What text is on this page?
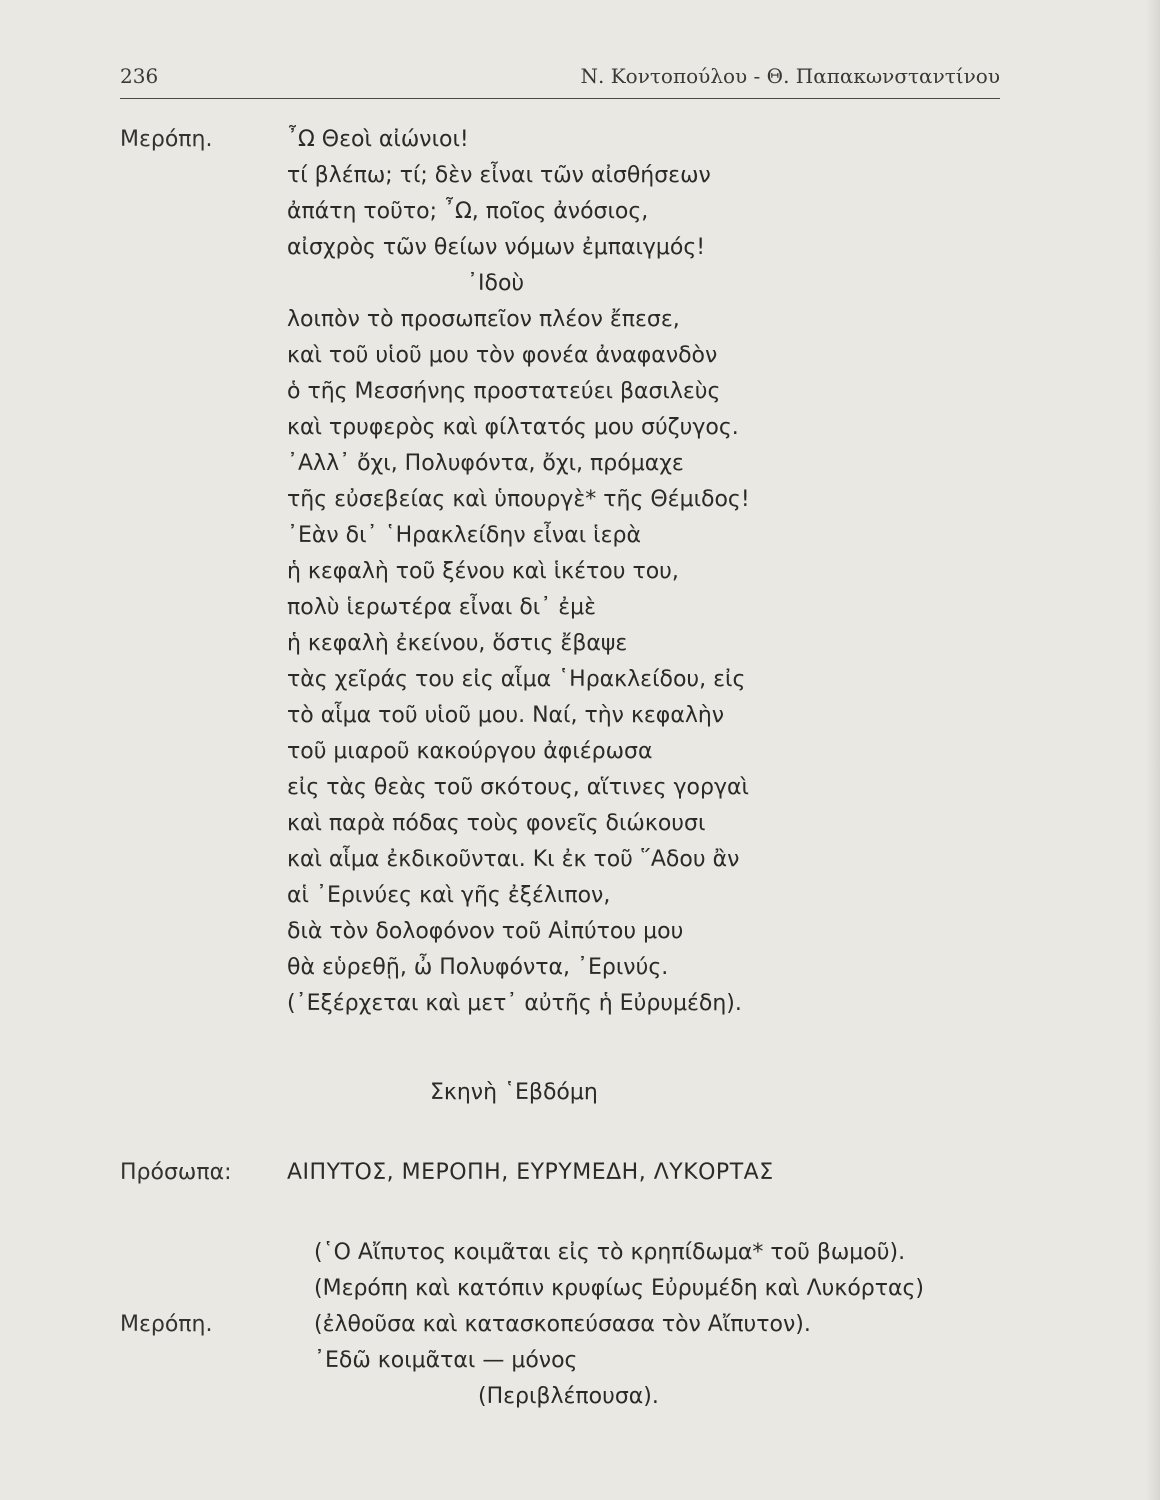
236	Ν. Κοντοπούλου - Θ. Παπακωνσταντίνου
Μερόπη.	῏Ω Θεοὶ αἰώνιοι!
τί βλέπω; τί; δὲν εἶναι τῶν αἰσθήσεων
ἀπάτη τοῦτο; ῏Ω, ποῖος ἀνόσιος,
αἰσχρὸς τῶν θείων νόμων ἐμπαιγμός!
᾿Ιδοὺ
λοιπὸν τὸ προσωπεῖον πλέον ἔπεσε,
καὶ τοῦ υἱοῦ μου τὸν φονέα ἀναφανδὸν
ὁ τῆς Μεσσήνης προστατεύει βασιλεὺς
καὶ τρυφερὸς καὶ φίλτατός μου σύζυγος.
᾿Αλλ᾿ ὄχι, Πολυφόντα, ὄχι, πρόμαχε
τῆς εὐσεβείας καὶ ὑπουργὲ* τῆς Θέμιδος!
᾿Εὰν δι᾿ ῾Ηρακλείδην εἶναι ἱερὰ
ἡ κεφαλὴ τοῦ ξένου καὶ ἱκέτου του,
πολὺ ἱερωτέρα εἶναι δι᾿ ἐμὲ
ἡ κεφαλὴ ἐκείνου, ὅστις ἔβαψε
τὰς χεῖράς του εἰς αἷμα ῾Ηρακλείδου, εἰς
τὸ αἷμα τοῦ υἱοῦ μου. Ναί, τὴν κεφαλὴν
τοῦ μιαροῦ κακούργου ἀφιέρωσα
εἰς τὰς θεὰς τοῦ σκότους, αἵτινες γοργαὶ
καὶ παρὰ πόδας τοὺς φονεῖς διώκουσι
καὶ αἷμα ἐκδικοῦνται. Κι ἐκ τοῦ ῞Αδου ἂν
αἱ ᾿Ερινύες καὶ γῆς ἐξέλιπον,
διὰ τὸν δολοφόνον τοῦ Αἰπύτου μου
θὰ εὑρεθῇ, ὦ Πολυφόντα, ᾿Ερινύς.
(᾿Εξέρχεται καὶ μετ᾿ αὐτῆς ἡ Εὐρυμέδη).
Σκηνὴ ῾Εβδόμη
Πρόσωπα:	ΑΙΠΥΤΟΣ, ΜΕΡΟΠΗ, ΕΥΡΥΜΕΔΗ, ΛΥΚΟΡΤΑΣ
(῾Ο Αἴπυτος κοιμᾶται εἰς τὸ κρηπίδωμα* τοῦ βωμοῦ).
(Μερόπη καὶ κατόπιν κρυφίως Εὐρυμέδη καὶ Λυκόρτας)
Μερόπη.	(ἐλθοῦσα καὶ κατασκοπεύσασα τὸν Αἴπυτον).
᾿Εδῶ κοιμᾶται — μόνος
(Περιβλέπουσα).
